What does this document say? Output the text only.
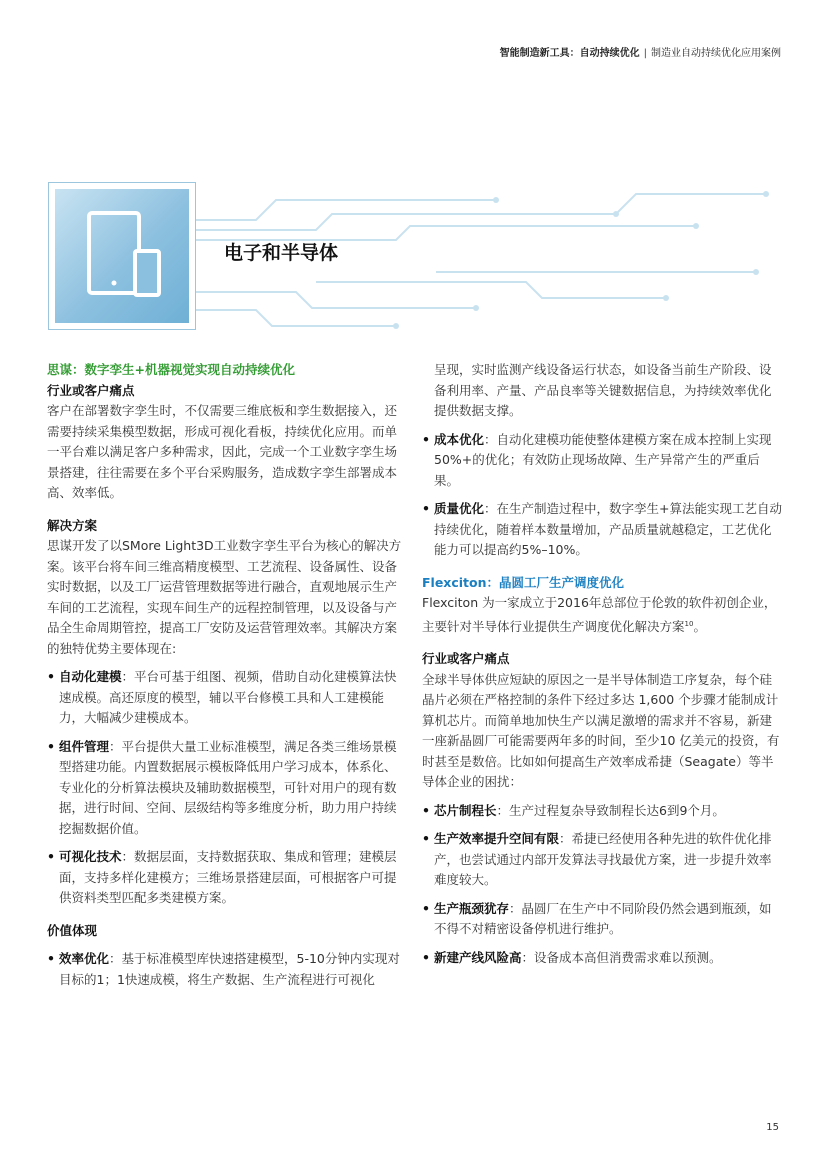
智能制造新工具：自动持续优化 | 制造业自动持续优化应用案例
电子和半导体

思谋：数字孪生+机器视觉实现自动持续优化

行业或客户痛点

客户在部署数字孪生时，不仅需要三维底板和孪生数据接入，还需要持续采集模型数据，形成可视化看板，持续优化应用。而单一平台难以满足客户多种需求，因此，完成一个工业数字孪生场景搭建，往往需要在多个平台采购服务，造成数字孪生部署成本高、效率低。

解决方案

思谋开发了以SMore Light3D工业数字孪生平台为核心的解决方案。该平台将车间三维高精度模型、工艺流程、设备属性、设备实时数据，以及工厂运营管理数据等进行融合，直观地展示生产车间的工艺流程，实现车间生产的远程控制管理，以及设备与产品全生命周期管控，提高工厂安防及运营管理效率。其解决方案的独特优势主要体现在:

• 自动化建模：平台可基于组图、视频，借助自动化建模算法快速成模。高还原度的模型，辅以平台修模工具和人工建模能力，大幅减少建模成本。

• 组件管理：平台提供大量工业标准模型，满足各类三维场景模型搭建功能。内置数据展示模板降低用户学习成本，体系化、专业化的分析算法模块及辅助数据模型，可针对用户的现有数据，进行时间、空间、层级结构等多维度分析，助力用户持续挖掘数据价值。

• 可视化技术：数据层面，支持数据获取、集成和管理；建模层面，支持多样化建模方；三维场景搭建层面，可根据客户可提供资料类型匹配多类建模方案。

价值体现

• 效率优化：基于标准模型库快速搭建模型，5-10分钟内实现对目标的1；1快速成模，将生产数据、生产流程进行可视化

呈现，实时监测产线设备运行状态，如设备当前生产阶段、设备利用率、产量、产品良率等关键数据信息，为持续效率优化提供数据支撑。

• 成本优化：自动化建模功能使整体建模方案在成本控制上实现50%+的优化；有效防止现场故障、生产异常产生的严重后果。

• 质量优化：在生产制造过程中，数字孪生+算法能实现工艺自动持续优化，随着样本数量增加，产品质量就越稳定，工艺优化能力可以提高约5%–10%。

Flexciton：晶圆工厂生产调度优化

Flexciton 为一家成立于2016年总部位于伦敦的软件初创企业，主要针对半导体行业提供生产调度优化解决方案$^{10}$。

行业或客户痛点

全球半导体供应短缺的原因之一是半导体制造工序复杂，每个硅晶片必须在严格控制的条件下经过多达 1,600 个步骤才能制成计算机芯片。而简单地加快生产以满足激增的需求并不容易，新建一座新晶圆厂可能需要两年多的时间，至少10 亿美元的投资，有时甚至是数倍。比如如何提高生产效率成希捷（Seagate）等半导体企业的困扰：

• 芯片制程长：生产过程复杂导致制程长达6到9个月。

• 生产效率提升空间有限：希捷已经使用各种先进的软件优化排产，也尝试通过内部开发算法寻找最优方案，进一步提升效率难度较大。

• 生产瓶颈犹存：晶圆厂在生产中不同阶段仍然会遇到瓶颈，如不得不对精密设备停机进行维护。

• 新建产线风险高：设备成本高但消费需求难以预测。

15
